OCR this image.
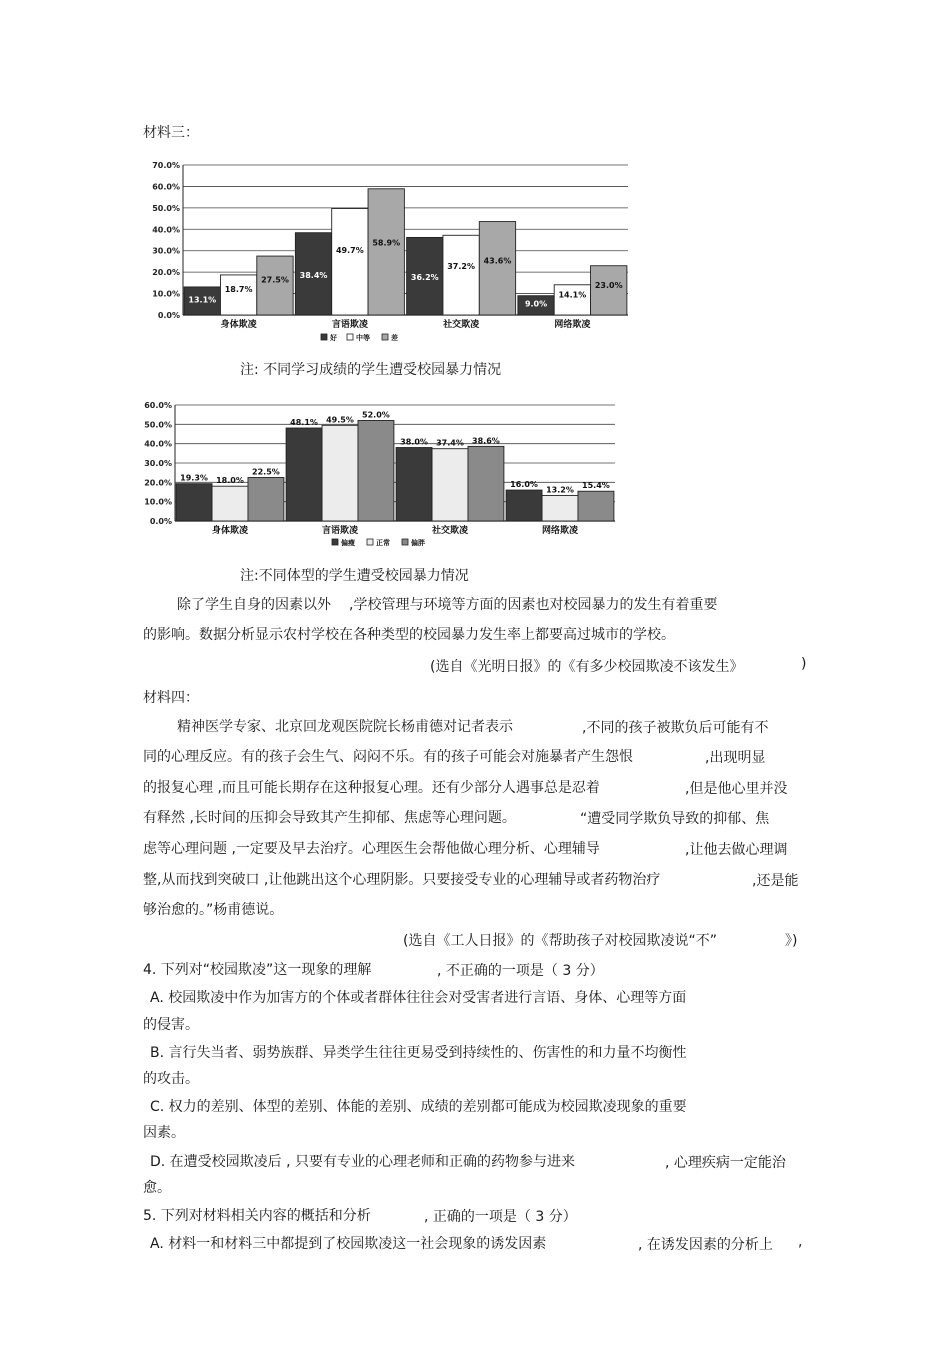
材料三：
0.0%
10.0%
20.0%
30.0%
40.0%
50.0%
60.0%
70.0%
13.1%
18.7%
27.5%
身体欺凌
38.4%
49.7%
58.9%
言语欺凌
36.2%
37.2%
43.6%
社交欺凌
9.0%
14.1%
23.0%
网络欺凌
好	中等	差
注: 不同学习成绩的学生遭受校园暴力情况
0.0%
10.0%
20.0%
30.0%
40.0%
50.0%
60.0%
19.3% 18.0%
22.5%
身体欺凌
48.1% 49.5%
52.0%
言语欺凌
38.0% 37.4% 38.6%
社交欺凌
16.0%
13.2% 15.4%
网络欺凌
偏瘦	正常	偏胖
注:不同体型的学生遭受校园暴力情况
除了学生自身的因素以外 ,学校管理与环境等方面的因素也对校园暴力的发生有着重要
的影响。数据分析显示农村学校在各种类型的校园暴力发生率上都要高过城市的学校。
(选自《光明日报》的《有多少校园欺凌不该发生》	)
材料四：
精神医学专家、北京回龙观医院院长杨甫德对记者表示	,不同的孩子被欺负后可能有不
同的心理反应。有的孩子会生气、闷闷不乐。有的孩子可能会对施暴者产生怨恨	,出现明显
的报复心理 ,而且可能长期存在这种报复心理。还有少部分人遇事总是忍着	,但是他心里并没
有释然 ,长时间的压抑会导致其产生抑郁、焦虑等心理问题。	“遭受同学欺负导致的抑郁、焦
虑等心理问题 ,一定要及早去治疗。心理医生会帮他做心理分析、心理辅导	,让他去做心理调
整,从而找到突破口 ,让他跳出这个心理阴影。只要接受专业的心理辅导或者药物治疗	,还是能
够治愈的。”杨甫德说。
(选自《工人日报》的《帮助孩子对校园欺凌说“不”	》)
4. 下列对“校园欺凌”这一现象的理解	, 不正确的一项是（ 3 分）
A. 校园欺凌中作为加害方的个体或者群体往往会对受害者进行言语、身体、心理等方面
的侵害。
B. 言行失当者、弱势族群、异类学生往往更易受到持续性的、伤害性的和力量不均衡性
的攻击。
C. 权力的差别、体型的差别、体能的差别、成绩的差别都可能成为校园欺凌现象的重要
因素。
D. 在遭受校园欺凌后 , 只要有专业的心理老师和正确的药物参与进来	, 心理疾病一定能治
愈。
5. 下列对材料相关内容的概括和分析	, 正确的一项是（ 3 分）
A. 材料一和材料三中都提到了校园欺凌这一社会现象的诱发因素	, 在诱发因素的分析上 ,
